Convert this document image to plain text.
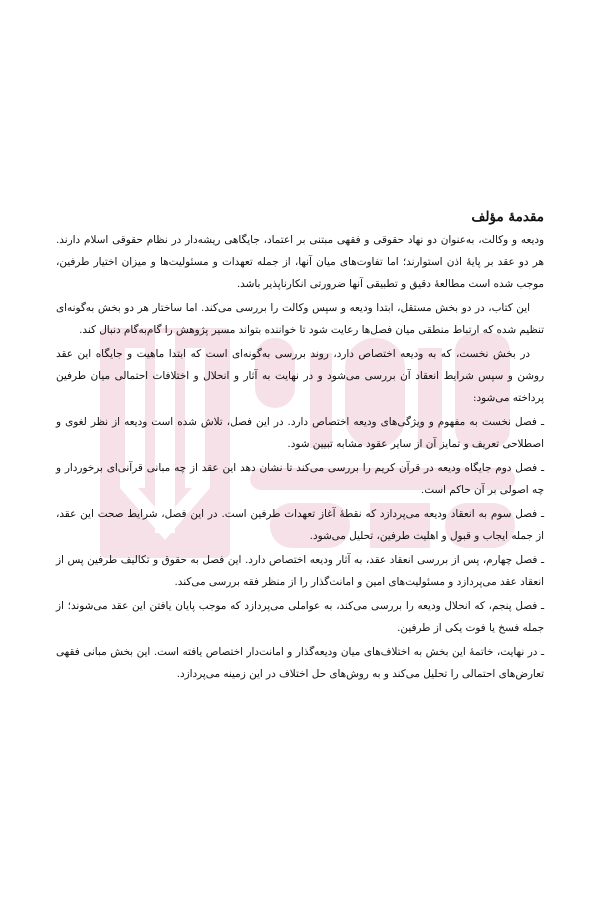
مقدمهٔ مؤلف

ودیعه و وکالت، به‌عنوان دو نهاد حقوقی و فقهی مبتنی بر اعتماد، جایگاهی ریشه‌دار در نظام حقوقی اسلام دارند. هر دو عقد بر پایهٔ اذن استوارند؛ اما تفاوت‌های میان آنها، از جمله تعهدات و مسئولیت‌ها و میزان اختیار طرفین، موجب شده است مطالعهٔ دقیق و تطبیقی آنها ضرورتی انکارناپذیر باشد.

این کتاب، در دو بخش مستقل، ابتدا ودیعه و سپس وکالت را بررسی می‌کند. اما ساختار هر دو بخش به‌گونه‌ای تنظیم شده که ارتباط منطقی میان فصل‌ها رعایت شود تا خواننده بتواند مسیر پژوهش را گام‌به‌گام دنبال کند.

در بخش نخست، که به ودیعه اختصاص دارد، روند بررسی به‌گونه‌ای است که ابتدا ماهیت و جایگاه این عقد روشن و سپس شرایط انعقاد آن بررسی می‌شود و در نهایت به آثار و انحلال و اختلافات احتمالی میان طرفین پرداخته می‌شود:

ـ فصل نخست به مفهوم و ویژگی‌های ودیعه اختصاص دارد. در این فصل، تلاش شده است ودیعه از نظر لغوی و اصطلاحی تعریف و تمایز آن از سایر عقود مشابه تبیین شود.

ـ فصل دوم جایگاه ودیعه در قرآن کریم را بررسی می‌کند تا نشان دهد این عقد از چه مبانی قرآنی‌ای برخوردار و چه اصولی بر آن حاکم است.

ـ فصل سوم به انعقاد ودیعه می‌پردازد که نقطهٔ آغاز تعهدات طرفین است. در این فصل، شرایط صحت این عقد، از جمله ایجاب و قبول و اهلیت طرفین، تحلیل می‌شود.

ـ فصل چهارم، پس از بررسی انعقاد عقد، به آثار ودیعه اختصاص دارد. این فصل به حقوق و تکالیف طرفین پس از انعقاد عقد می‌پردازد و مسئولیت‌های امین و امانت‌گذار را از منظر فقه بررسی می‌کند.

ـ فصل پنجم، که انحلال ودیعه را بررسی می‌کند، به عواملی می‌پردازد که موجب پایان یافتن این عقد می‌شوند؛ از جمله فسخ یا فوت یکی از طرفین.

ـ در نهایت، خاتمهٔ این بخش به اختلاف‌های میان ودیعه‌گذار و امانت‌دار اختصاص یافته است. این بخش مبانی فقهی تعارض‌های احتمالی را تحلیل می‌کند و به روش‌های حل اختلاف در این زمینه می‌پردازد.
